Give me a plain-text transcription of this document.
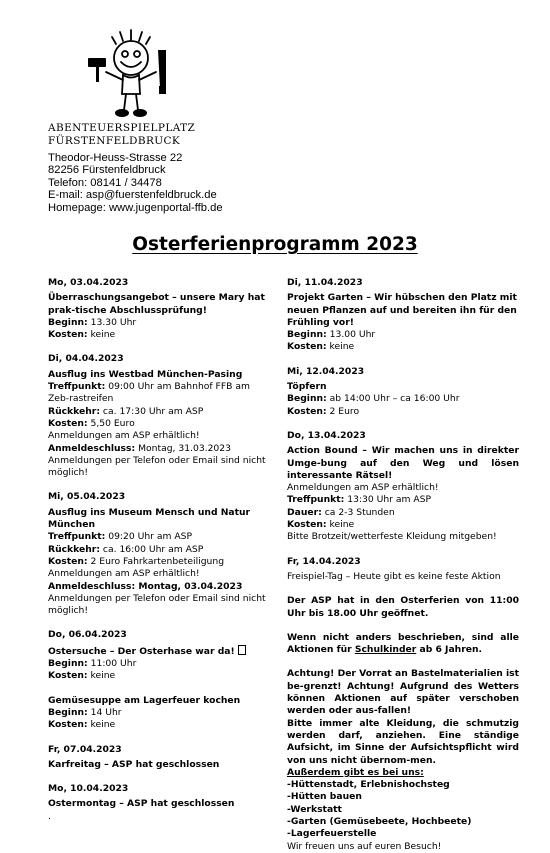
ABENTEUERSPIELPLATZ
FÜRSTENFELDBRUCK
Theodor-Heuss-Strasse 22
82256 Fürstenfeldbruck
Telefon: 08141 / 34478
E-mail: asp@fuerstenfeldbruck.de
Homepage: www.jugenportal-ffb.de
Osterferienprogramm 2023
Mo, 03.04.2023
Überraschungsangebot – unsere Mary hat prak-tische Abschlussprüfung!
Beginn: 13.30 Uhr
Kosten: keine
Di, 04.04.2023
Ausflug ins Westbad München-Pasing
Treffpunkt: 09:00 Uhr am Bahnhof FFB am Zeb-rastreifen
Rückkehr: ca. 17:30 Uhr am ASP
Kosten: 5,50 Euro
Anmeldungen am ASP erhältlich!
Anmeldeschluss: Montag, 31.03.2023
Anmeldungen per Telefon oder Email sind nicht möglich!
Mi, 05.04.2023
Ausflug ins Museum Mensch und Natur München
Treffpunkt: 09:20 Uhr am ASP
Rückkehr: ca. 16:00 Uhr am ASP
Kosten: 2 Euro Fahrkartenbeteiligung
Anmeldungen am ASP erhältlich! Anmeldeschluss: Montag, 03.04.2023
Anmeldungen per Telefon oder Email sind nicht möglich!
Do, 06.04.2023
Ostersuche – Der Osterhase war da!
Beginn: 11:00 Uhr
Kosten: keine
Gemüsesuppe am Lagerfeuer kochen
Beginn: 14 Uhr
Kosten: keine
Fr, 07.04.2023
Karfreitag – ASP hat geschlossen
Mo, 10.04.2023
Ostermontag – ASP hat geschlossen
.
Di, 11.04.2023
Projekt Garten – Wir hübschen den Platz mit neuen Pflanzen auf und bereiten ihn für den Frühling vor!
Beginn: 13.00 Uhr
Kosten: keine
Mi, 12.04.2023
Töpfern
Beginn: ab 14:00 Uhr – ca 16:00 Uhr
Kosten: 2 Euro
Do, 13.04.2023
Action Bound – Wir machen uns in direkter Umge-bung auf den Weg und lösen interessante Rätsel!
Anmeldungen am ASP erhältlich!
Treffpunkt: 13:30 Uhr am ASP
Dauer: ca 2-3 Stunden
Kosten: keine
Bitte Brotzeit/wetterfeste Kleidung mitgeben!
Fr, 14.04.2023
Freispiel-Tag – Heute gibt es keine feste Aktion
Der ASP hat in den Osterferien von 11:00 Uhr bis 18.00 Uhr geöffnet.
Wenn nicht anders beschrieben, sind alle Aktionen für Schulkinder ab 6 Jahren.
Achtung! Der Vorrat an Bastelmaterialien ist be-grenzt! Achtung! Aufgrund des Wetters können Aktionen auf später verschoben werden oder aus-fallen!
Bitte immer alte Kleidung, die schmutzig werden darf, anziehen. Eine ständige Aufsicht, im Sinne der Aufsichtspflicht wird von uns nicht übernom-men.
Außerdem gibt es bei uns:
-Hüttenstadt, Erlebnishochsteg
-Hütten bauen
-Werkstatt
-Garten (Gemüsebeete, Hochbeete)
-Lagerfeuerstelle
Wir freuen uns auf euren Besuch!
